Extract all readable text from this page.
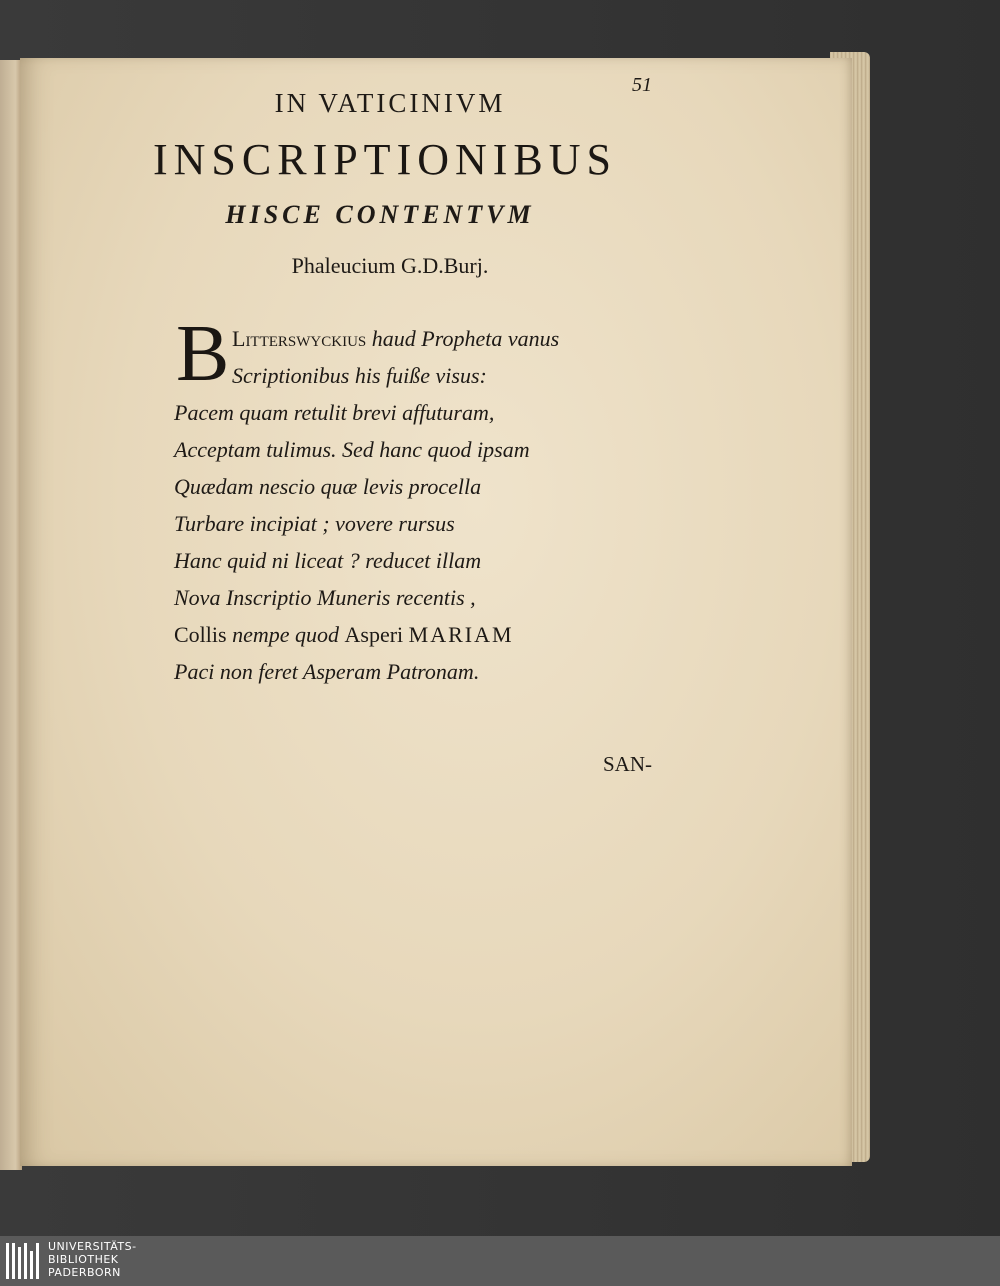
51

IN VATICINIVM
INSCRIPTIONIBUS
HISCE CONTENTVM

Phaleucium G.D.Burj.

B Litterswyckius haud Propheta vanus
Scriptionibus his fuiße visus:
Pacem quam retulit brevi affuturam,
Acceptam tulimus. Sed hanc quod ipsam
Quædam nescio quæ levis procella
Turbare incipiat ; vovere rursus
Hanc quid ni liceat ? reducet illam
Nova Inscriptio Muneris recentis ,
Collis nempe quod Asperi MARIAM
Paci non feret Asperam Patronam.

SAN-

UNIVERSITÄTS-
BIBLIOTHEK
PADERBORN
